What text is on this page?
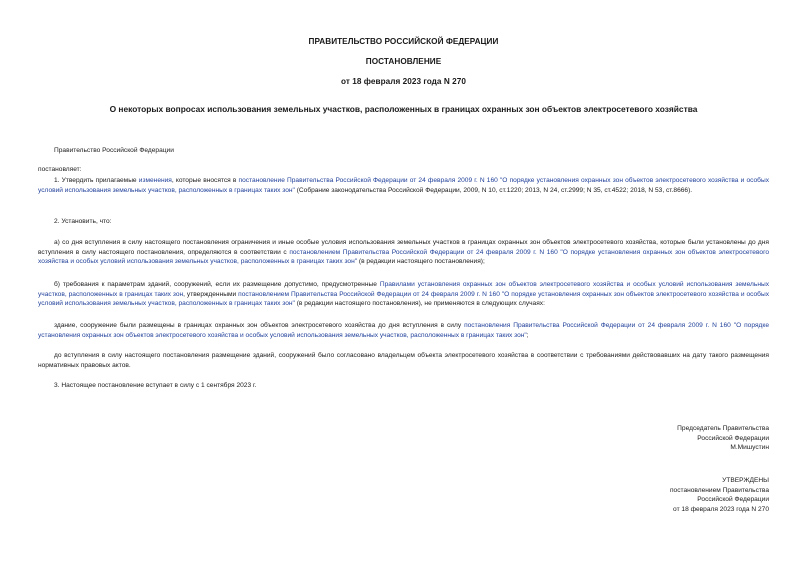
ПРАВИТЕЛЬСТВО РОССИЙСКОЙ ФЕДЕРАЦИИ
ПОСТАНОВЛЕНИЕ
от 18 февраля 2023 года N 270
О некоторых вопросах использования земельных участков, расположенных в границах охранных зон объектов электросетевого хозяйства
Правительство Российской Федерации
постановляет:
1. Утвердить прилагаемые изменения, которые вносятся в постановление Правительства Российской Федерации от 24 февраля 2009 г. N 160 "О порядке установления охранных зон объектов электросетевого хозяйства и особых условий использования земельных участков, расположенных в границах таких зон" (Собрание законодательства Российской Федерации, 2009, N 10, ст.1220; 2013, N 24, ст.2999; N 35, ст.4522; 2018, N 53, ст.8666).
2. Установить, что:
а) со дня вступления в силу настоящего постановления ограничения и иные особые условия использования земельных участков в границах охранных зон объектов электросетевого хозяйства, которые были установлены до дня вступления в силу настоящего постановления, определяются в соответствии с постановлением Правительства Российской Федерации от 24 февраля 2009 г. N 160 "О порядке установления охранных зон объектов электросетевого хозяйства и особых условий использования земельных участков, расположенных в границах таких зон" (в редакции настоящего постановления);
б) требования к параметрам зданий, сооружений, если их размещение допустимо, предусмотренные Правилами установления охранных зон объектов электросетевого хозяйства и особых условий использования земельных участков, расположенных в границах таких зон, утвержденными постановлением Правительства Российской Федерации от 24 февраля 2009 г. N 160 "О порядке установления охранных зон объектов электросетевого хозяйства и особых условий использования земельных участков, расположенных в границах таких зон" (в редакции настоящего постановления), не применяются в следующих случаях:
здание, сооружение были размещены в границах охранных зон объектов электросетевого хозяйства до дня вступления в силу постановления Правительства Российской Федерации от 24 февраля 2009 г. N 160 "О порядке установления охранных зон объектов электросетевого хозяйства и особых условий использования земельных участков, расположенных в границах таких зон";
до вступления в силу настоящего постановления размещение зданий, сооружений было согласовано владельцем объекта электросетевого хозяйства в соответствии с требованиями действовавших на дату такого размещения нормативных правовых актов.
3. Настоящее постановление вступает в силу с 1 сентября 2023 г.
Председатель Правительства
Российской Федерации
М.Мишустин
УТВЕРЖДЕНЫ
постановлением Правительства
Российской Федерации
от 18 февраля 2023 года N 270
